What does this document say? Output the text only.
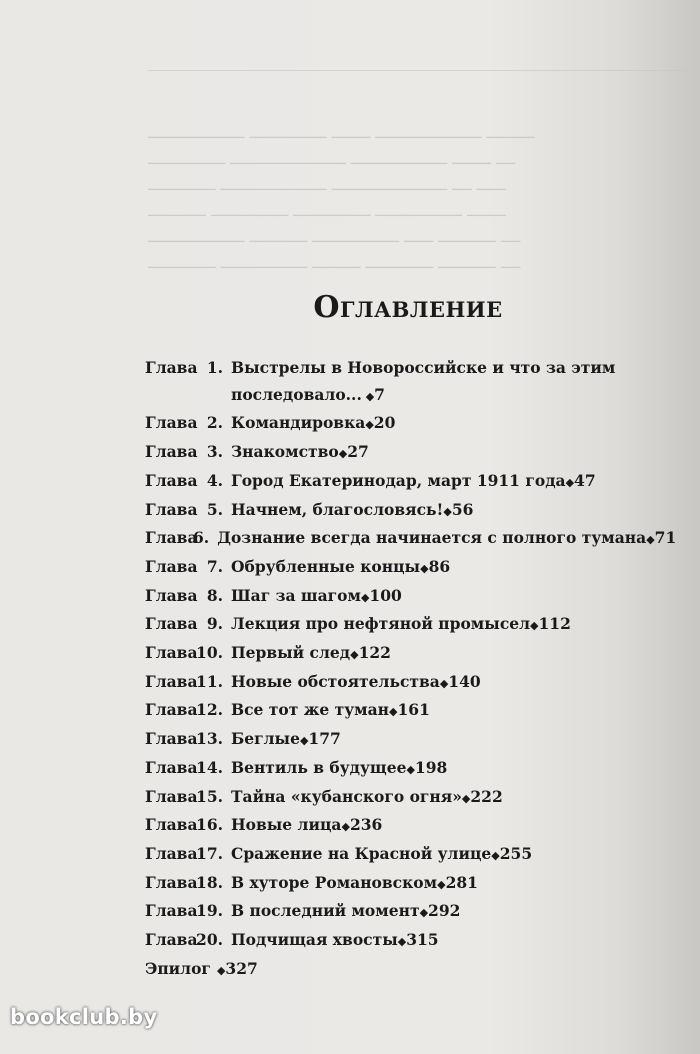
────────── ──────── ──── ─────────── ─────
──────── ──────────── ────────── ──── ──
─────── ─────────── ──────────── ── ───
────── ──────── ──────── ───────── ────
────────── ────── ───────── ─── ────── ──
─────── ───────── ───── ─────── ────── ──
Оглавление
Глава 1. Выстрелы в Новороссийске и что за этим
последовало... ◆ 7
Глава 2. Командировка ◆ 20
Глава 3. Знакомство ◆ 27
Глава 4. Город Екатеринодар, март 1911 года ◆ 47
Глава 5. Начнем, благословясь! ◆ 56
Глава
6. Дознание всегда начинается с полного тумана ◆ 71
Глава 7. Обрубленные концы ◆ 86
Глава 8. Шаг за шагом ◆ 100
Глава 9. Лекция про нефтяной промысел ◆ 112
Глава
10. Первый след ◆ 122
Глава
11. Новые обстоятельства ◆ 140
Глава
12. Все тот же туман ◆ 161
Глава
13. Беглые ◆ 177
Глава
14. Вентиль в будущее ◆ 198
Глава
15. Тайна «кубанского огня» ◆ 222
Глава
16. Новые лица ◆ 236
Глава
17. Сражение на Красной улице ◆ 255
Глава
18. В хуторе Романовском ◆ 281
Глава
19. В последний момент ◆ 292
Глава
20. Подчищая хвосты ◆ 315
Эпилог ◆ 327
bookclub.by
